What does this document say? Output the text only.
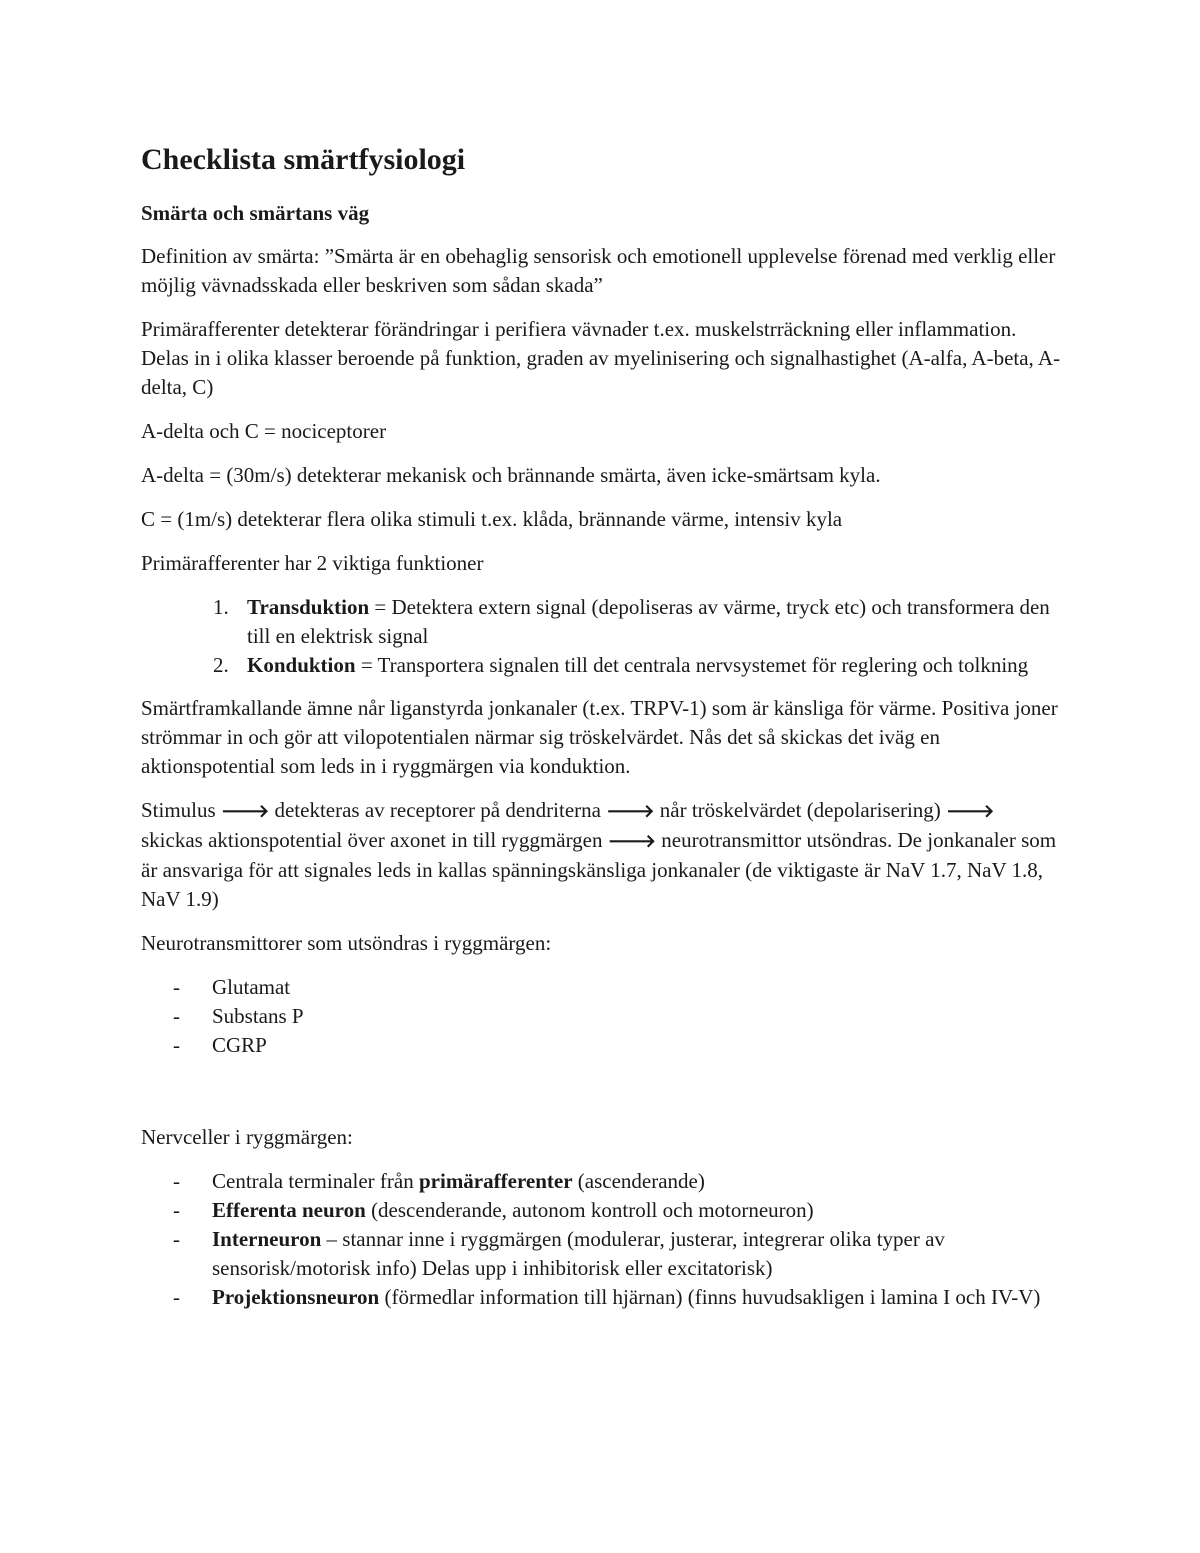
Checklista smärtfysiologi
Smärta och smärtans väg

Definition av smärta: ”Smärta är en obehaglig sensorisk och emotionell upplevelse förenad med verklig eller möjlig vävnadsskada eller beskriven som sådan skada”

Primärafferenter detekterar förändringar i perifiera vävnader t.ex. muskelstrräckning eller inflammation. Delas in i olika klasser beroende på funktion, graden av myelinisering och signalhastighet (A-alfa, A-beta, A-delta, C)

A-delta och C = nociceptorer

A-delta = (30m/s) detekterar mekanisk och brännande smärta, även icke-smärtsam kyla.

C = (1m/s) detekterar flera olika stimuli t.ex. klåda, brännande värme, intensiv kyla

Primärafferenter har 2 viktiga funktioner

1. Transduktion = Detektera extern signal (depoliseras av värme, tryck etc) och transformera den till en elektrisk signal
2. Konduktion = Transportera signalen till det centrala nervsystemet för reglering och tolkning

Smärtframkallande ämne når liganstyrda jonkanaler (t.ex. TRPV-1) som är känsliga för värme. Positiva joner strömmar in och gör att vilopotentialen närmar sig tröskelvärdet. Nås det så skickas det iväg en aktionspotential som leds in i ryggmärgen via konduktion.

Stimulus 🡒 detekteras av receptorer på dendriterna 🡒 når tröskelvärdet (depolarisering) 🡒 skickas aktionspotential över axonet in till ryggmärgen 🡒 neurotransmittor utsöndras. De jonkanaler som är ansvariga för att signales leds in kallas spänningskänsliga jonkanaler (de viktigaste är NaV 1.7, NaV 1.8, NaV 1.9)

Neurotransmittorer som utsöndras i ryggmärgen:

- Glutamat
- Substans P
- CGRP

Nervceller i ryggmärgen:

- Centrala terminaler från primärafferenter (ascenderande)
- Efferenta neuron (descenderande, autonom kontroll och motorneuron)
- Interneuron – stannar inne i ryggmärgen (modulerar, justerar, integrerar olika typer av sensorisk/motorisk info) Delas upp i inhibitorisk eller excitatorisk)
- Projektionsneuron (förmedlar information till hjärnan) (finns huvudsakligen i lamina I och IV-V)
